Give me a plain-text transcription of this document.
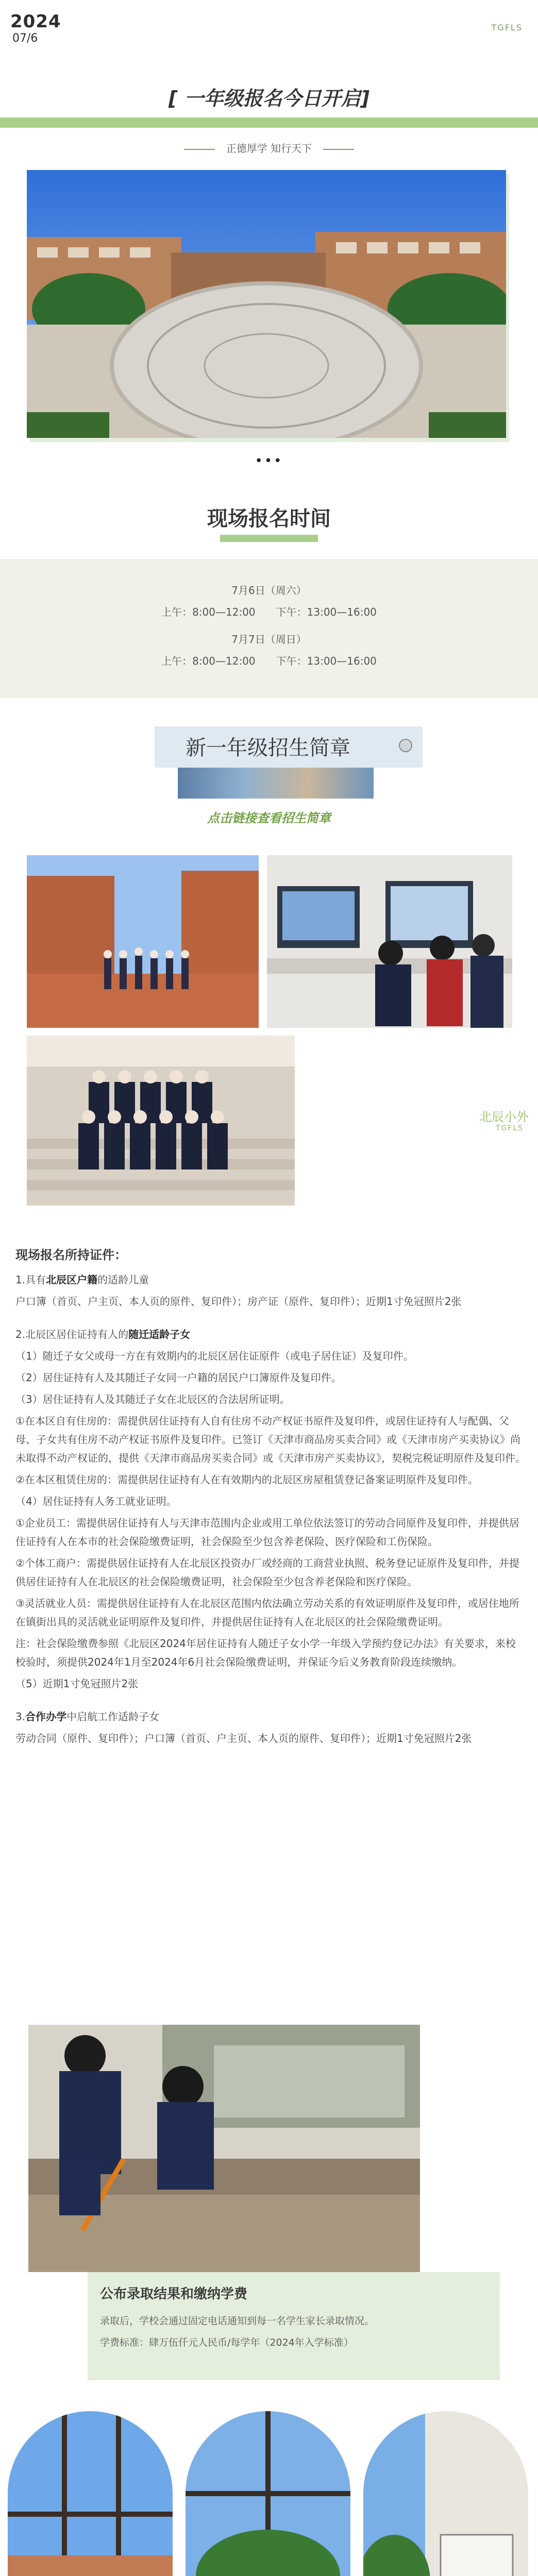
2024
07/6
TGFLS
[ 一年级报名今日开启]
正德厚学 知行天下
•••
现场报名时间
7月6日（周六）
上午：8:00—12:00　　下午：13:00—16:00
7月7日（周日）
上午：8:00—12:00　　下午：13:00—16:00
新一年级招生简章
点击链接查看招生简章
北辰小外
TGFLS

现场报名所持证件：

1.具有北辰区户籍的适龄儿童

户口簿（首页、户主页、本人页的原件、复印件）；房产证（原件、复印件）；近期1寸免冠照片2张

2.北辰区居住证持有人的随迁适龄子女

（1）随迁子女父或母一方在有效期内的北辰区居住证原件（或电子居住证）及复印件。

（2）居住证持有人及其随迁子女同一户籍的居民户口簿原件及复印件。

（3）居住证持有人及其随迁子女在北辰区的合法居所证明。

①在本区自有住房的：需提供居住证持有人自有住房不动产权证书原件及复印件，或居住证持有人与配偶、父母、子女共有住房不动产权证书原件及复印件。已签订《天津市商品房买卖合同》或《天津市房产买卖协议》尚未取得不动产权证的，提供《天津市商品房买卖合同》或《天津市房产买卖协议》，契税完税证明原件及复印件。

②在本区租赁住房的：需提供居住证持有人在有效期内的北辰区房屋租赁登记备案证明原件及复印件。

（4）居住证持有人务工就业证明。

①企业员工：需提供居住证持有人与天津市范围内企业或用工单位依法签订的劳动合同原件及复印件，并提供居住证持有人在本市的社会保险缴费证明，社会保险至少包含养老保险、医疗保险和工伤保险。

②个体工商户：需提供居住证持有人在北辰区投资办厂或经商的工商营业执照、税务登记证原件及复印件，并提供居住证持有人在北辰区的社会保险缴费证明，社会保险至少包含养老保险和医疗保险。

③灵活就业人员：需提供居住证持有人在北辰区范围内依法确立劳动关系的有效证明原件及复印件，或居住地所在镇街出具的灵活就业证明原件及复印件，并提供居住证持有人在北辰区的社会保险缴费证明。

注：社会保险缴费参照《北辰区2024年居住证持有人随迁子女小学一年级入学预约登记办法》有关要求，来校校验时，须提供2024年1月至2024年6月社会保险缴费证明，并保证今后义务教育阶段连续缴纳。

（5）近期1寸免冠照片2张

3.合作办学中启航工作适龄子女

劳动合同（原件、复印件）；户口簿（首页、户主页、本人页的原件、复印件）；近期1寸免冠照片2张

公布录取结果和缴纳学费
录取后，学校会通过固定电话通知到每一名学生家长录取情况。
学费标准：肆万伍仟元人民币/每学年（2024年入学标准）
